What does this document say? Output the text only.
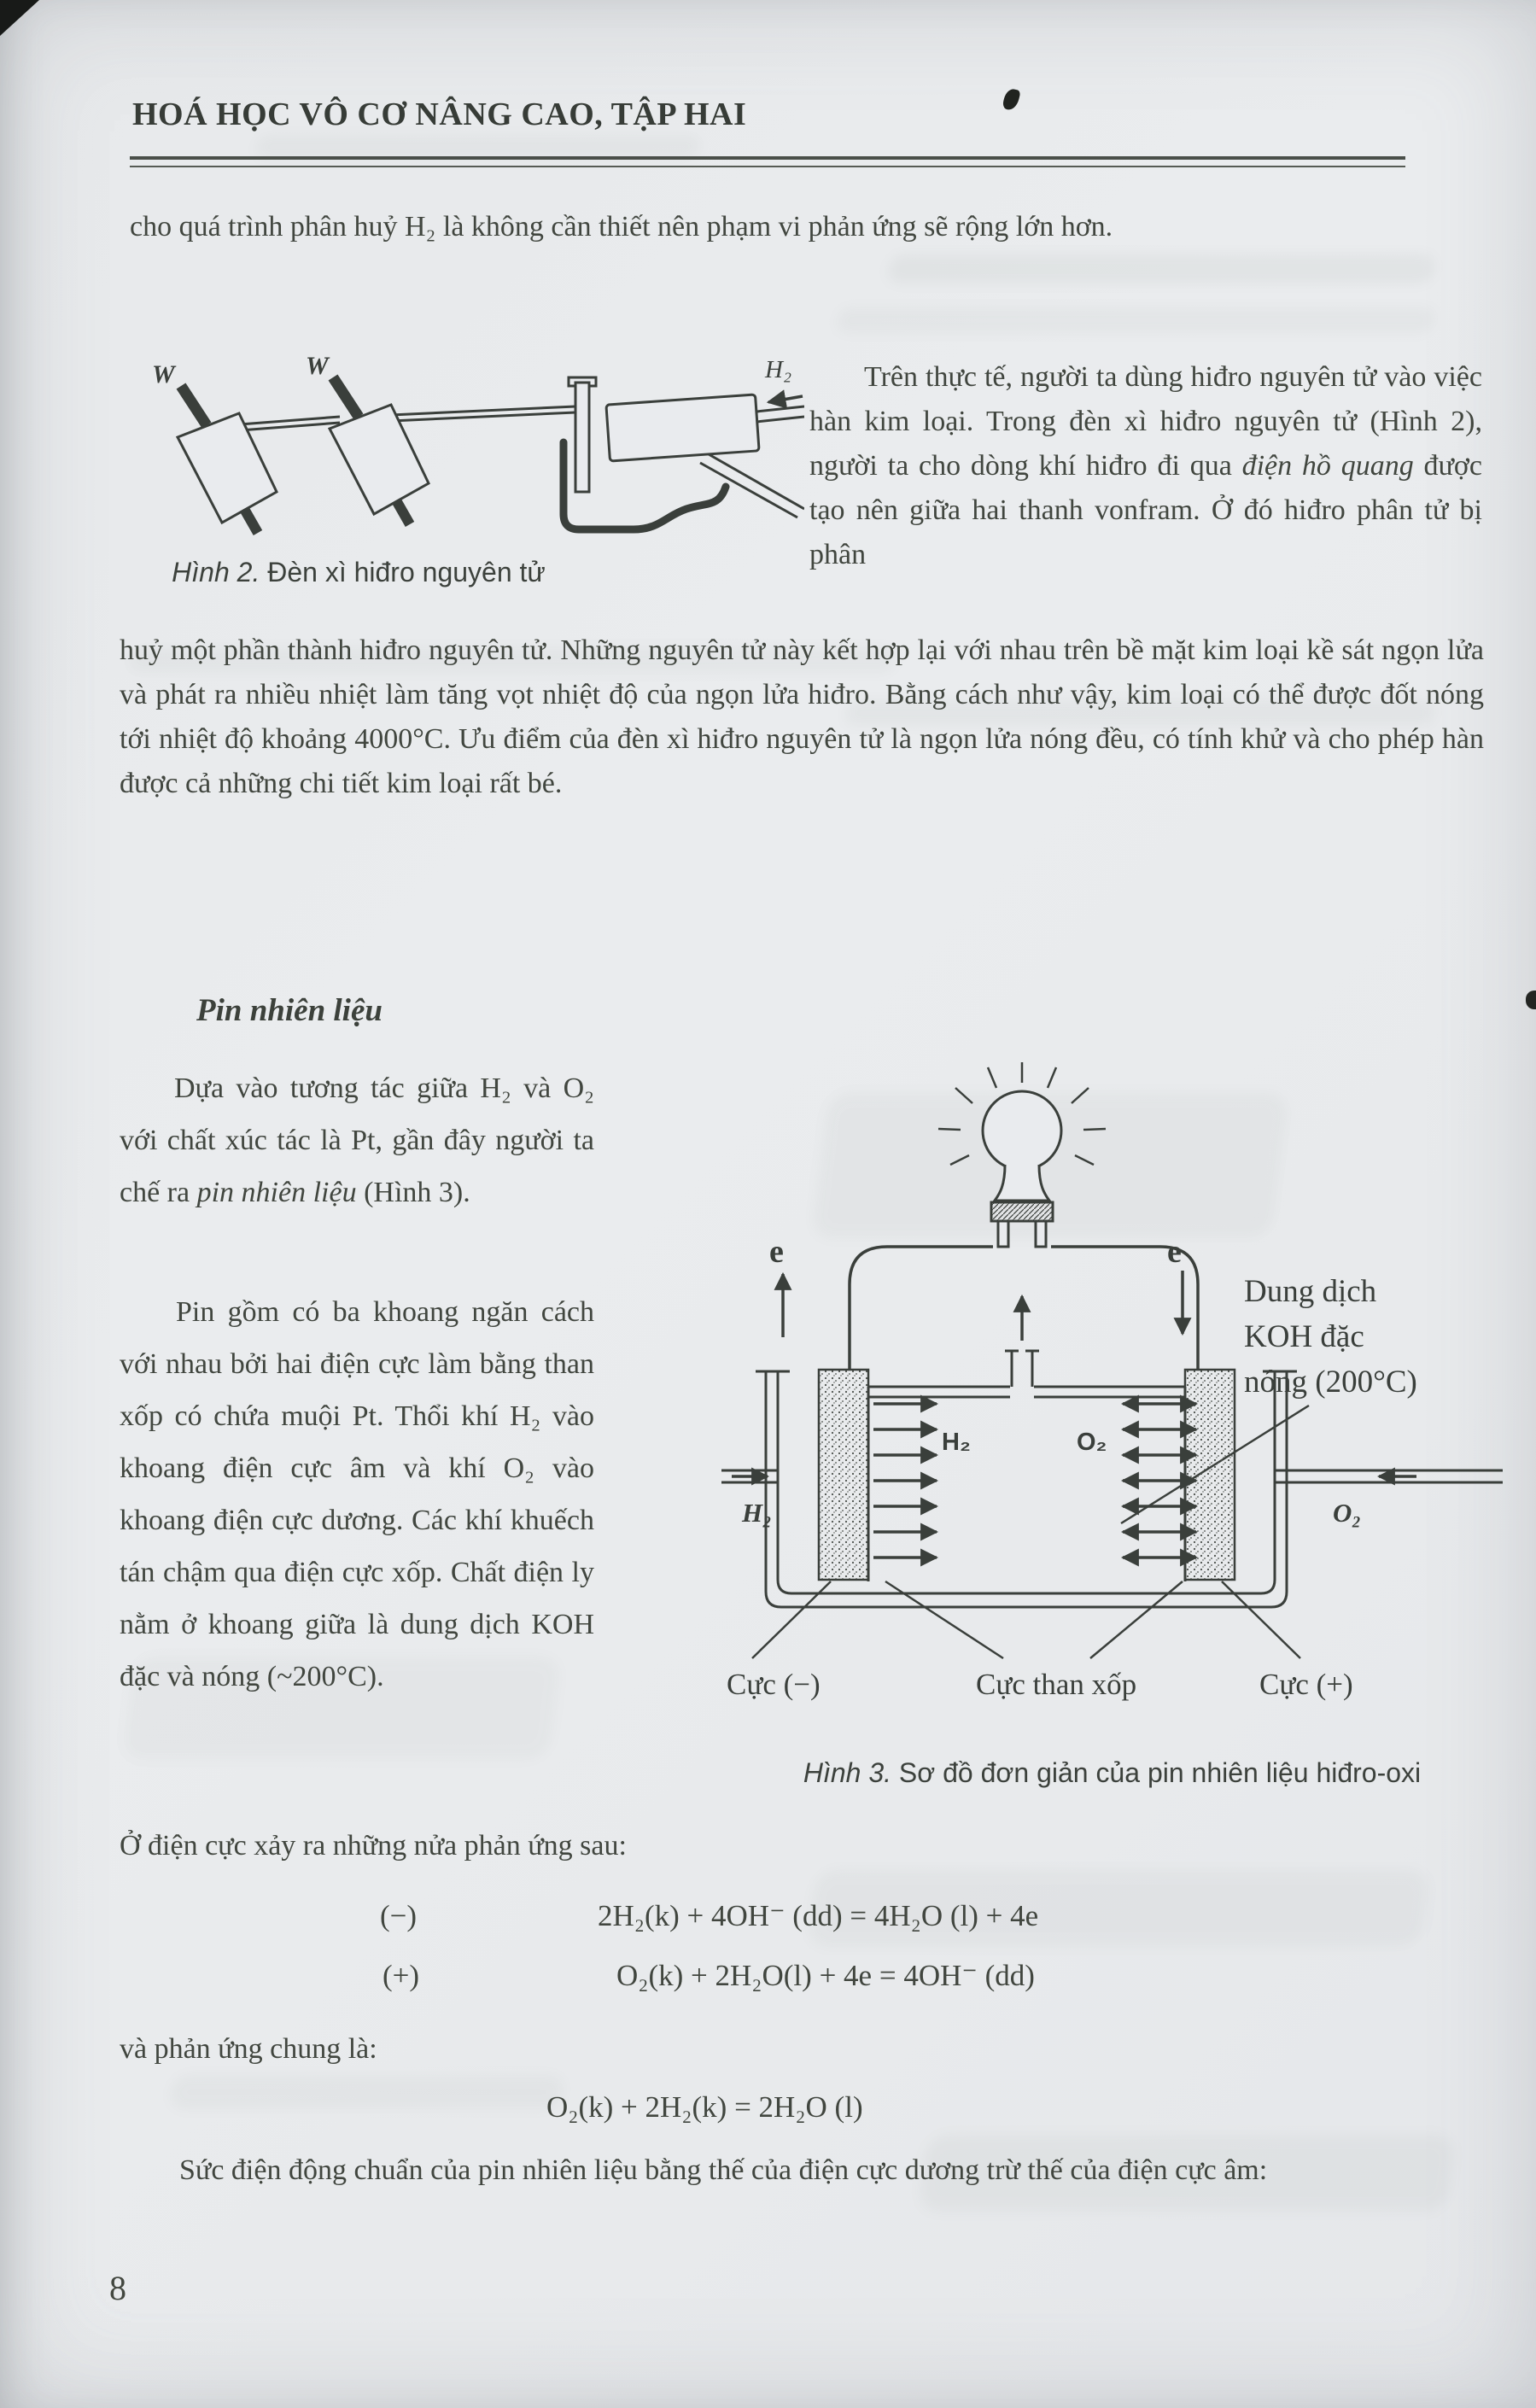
HOÁ HỌC VÔ CƠ NÂNG CAO, TẬP HAI
cho quá trình phân huỷ H₂ là không cần thiết nên phạm vi phản ứng sẽ rộng lớn hơn.
W	W	H₂
Hình 2. Đèn xì hiđro nguyên tử
Trên thực tế, người ta dùng hiđro nguyên tử vào việc hàn kim loại. Trong đèn xì hiđro nguyên tử (Hình 2), người ta cho dòng khí hiđro đi qua điện hồ quang được tạo nên giữa hai thanh vonfram. Ở đó hiđro phân tử bị phân
huỷ một phần thành hiđro nguyên tử. Những nguyên tử này kết hợp lại với nhau trên bề mặt kim loại kề sát ngọn lửa và phát ra nhiều nhiệt làm tăng vọt nhiệt độ của ngọn lửa hiđro. Bằng cách như vậy, kim loại có thể được đốt nóng tới nhiệt độ khoảng 4000°C. Ưu điểm của đèn xì hiđro nguyên tử là ngọn lửa nóng đều, có tính khử và cho phép hàn được cả những chi tiết kim loại rất bé.
Pin nhiên liệu
Dựa vào tương tác giữa H₂ và O₂ với chất xúc tác là Pt, gần đây người ta chế ra pin nhiên liệu (Hình 3).
Pin gồm có ba khoang ngăn cách với nhau bởi hai điện cực làm bằng than xốp có chứa muội Pt. Thổi khí H₂ vào khoang điện cực âm và khí O₂ vào khoang điện cực dương. Các khí khuếch tán chậm qua điện cực xốp. Chất điện ly nằm ở khoang giữa là dung dịch KOH đặc và nóng (~200°C).
e	e
Dung dịch
KOH đặc
nóng (200°C)
H₂	O₂
H₂	O₂
Cực (−)	Cực than xốp	Cực (+)
Hình 3. Sơ đồ đơn giản của pin nhiên liệu hiđro-oxi
Ở điện cực xảy ra những nửa phản ứng sau:
(−)	2H₂(k) + 4OH⁻ (dd) = 4H₂O (l) + 4e
(+)	O₂(k) + 2H₂O(l) + 4e = 4OH⁻ (dd)
và phản ứng chung là:
O₂(k) + 2H₂(k) = 2H₂O (l)
Sức điện động chuẩn của pin nhiên liệu bằng thế của điện cực dương trừ thế của điện cực âm:
8
